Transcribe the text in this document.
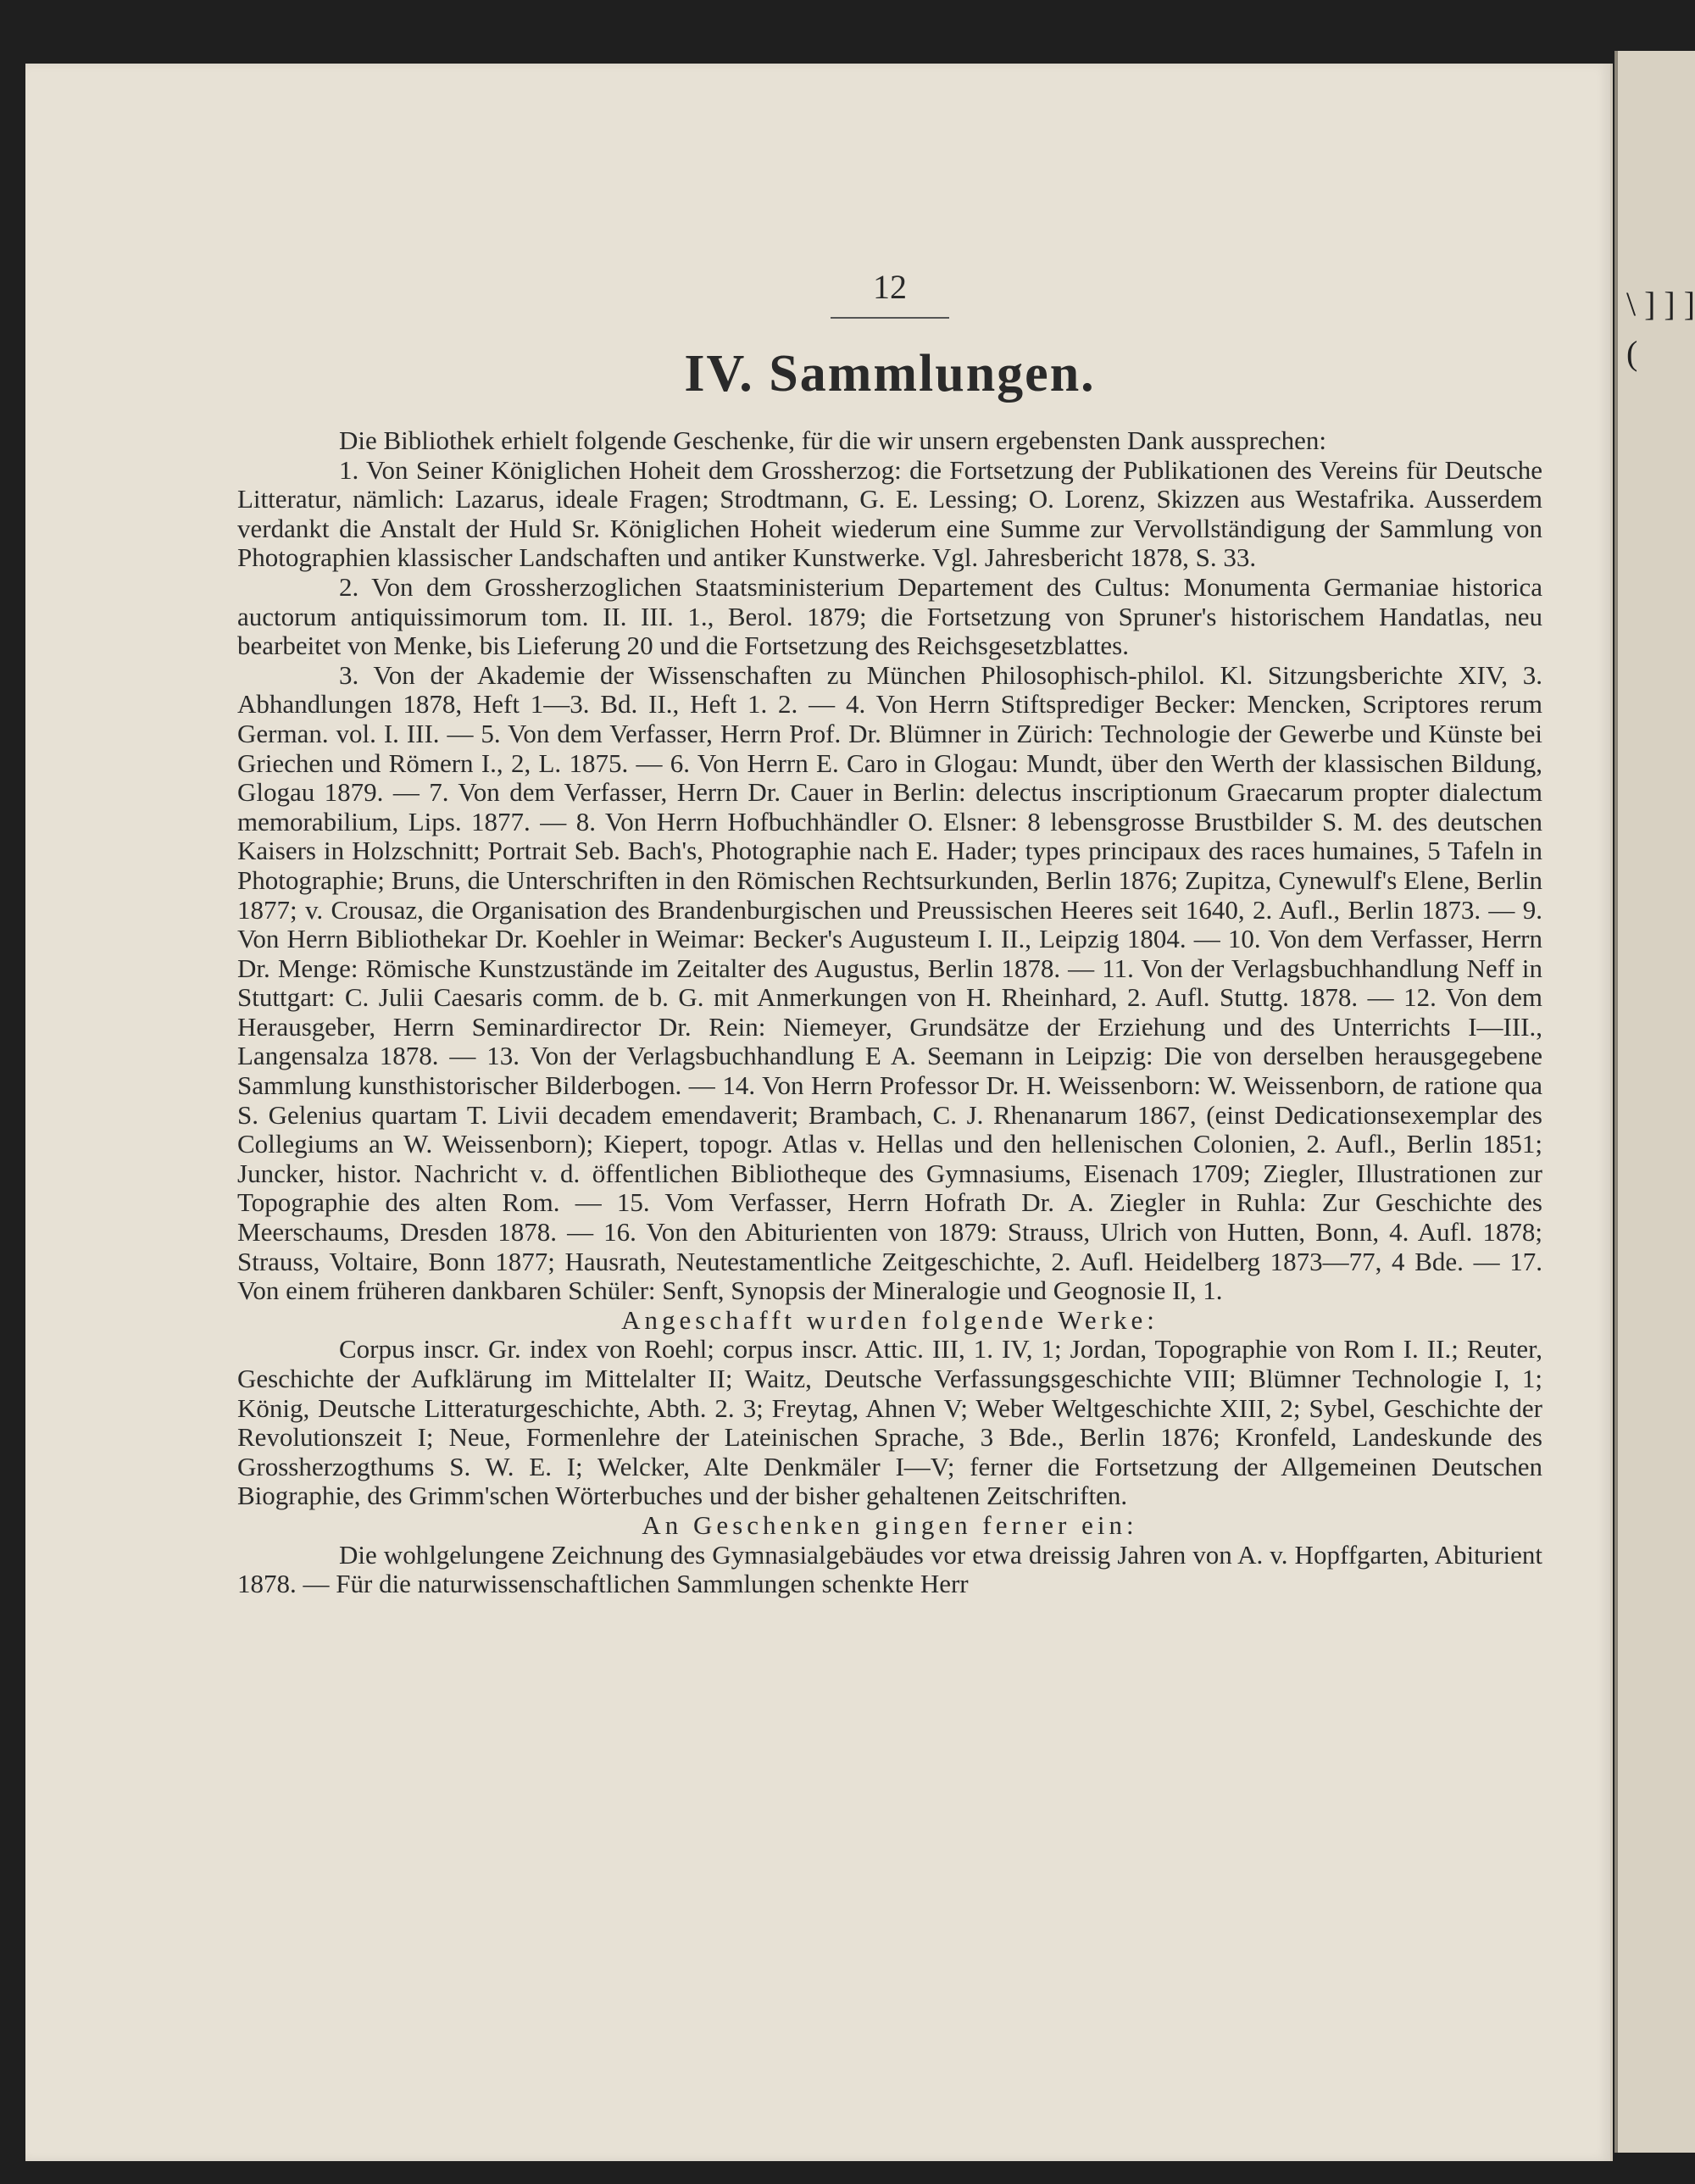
12
IV. Sammlungen.

Die Bibliothek erhielt folgende Geschenke, für die wir unsern ergebensten Dank aussprechen:

1. Von Seiner Königlichen Hoheit dem Grossherzog: die Fortsetzung der Publikationen des Vereins für Deutsche Litteratur, nämlich: Lazarus, ideale Fragen; Strodtmann, G. E. Lessing; O. Lorenz, Skizzen aus Westafrika. Ausserdem verdankt die Anstalt der Huld Sr. Königlichen Hoheit wiederum eine Summe zur Vervollständigung der Sammlung von Photographien klassischer Landschaften und antiker Kunstwerke. Vgl. Jahresbericht 1878, S. 33.

2. Von dem Grossherzoglichen Staatsministerium Departement des Cultus: Monumenta Germaniae historica auctorum antiquissimorum tom. II. III. 1., Berol. 1879; die Fortsetzung von Spruner's historischem Handatlas, neu bearbeitet von Menke, bis Lieferung 20 und die Fortsetzung des Reichsgesetzblattes.

3. Von der Akademie der Wissenschaften zu München Philosophisch-philol. Kl. Sitzungsberichte XIV, 3. Abhandlungen 1878, Heft 1—3. Bd. II., Heft 1. 2. — 4. Von Herrn Stiftsprediger Becker: Mencken, Scriptores rerum German. vol. I. III. — 5. Von dem Verfasser, Herrn Prof. Dr. Blümner in Zürich: Technologie der Gewerbe und Künste bei Griechen und Römern I., 2, L. 1875. — 6. Von Herrn E. Caro in Glogau: Mundt, über den Werth der klassischen Bildung, Glogau 1879. — 7. Von dem Verfasser, Herrn Dr. Cauer in Berlin: delectus inscriptionum Graecarum propter dialectum memorabilium, Lips. 1877. — 8. Von Herrn Hofbuchhändler O. Elsner: 8 lebensgrosse Brustbilder S. M. des deutschen Kaisers in Holzschnitt; Portrait Seb. Bach's, Photographie nach E. Hader; types principaux des races humaines, 5 Tafeln in Photographie; Bruns, die Unterschriften in den Römischen Rechtsurkunden, Berlin 1876; Zupitza, Cynewulf's Elene, Berlin 1877; v. Crousaz, die Organisation des Brandenburgischen und Preussischen Heeres seit 1640, 2. Aufl., Berlin 1873. — 9. Von Herrn Bibliothekar Dr. Koehler in Weimar: Becker's Augusteum I. II., Leipzig 1804. — 10. Von dem Verfasser, Herrn Dr. Menge: Römische Kunstzustände im Zeitalter des Augustus, Berlin 1878. — 11. Von der Verlagsbuchhandlung Neff in Stuttgart: C. Julii Caesaris comm. de b. G. mit Anmerkungen von H. Rheinhard, 2. Aufl. Stuttg. 1878. — 12. Von dem Herausgeber, Herrn Seminardirector Dr. Rein: Niemeyer, Grundsätze der Erziehung und des Unterrichts I—III., Langensalza 1878. — 13. Von der Verlagsbuchhandlung E A. Seemann in Leipzig: Die von derselben herausgegebene Sammlung kunsthistorischer Bilderbogen. — 14. Von Herrn Professor Dr. H. Weissenborn: W. Weissenborn, de ratione qua S. Gelenius quartam T. Livii decadem emendaverit; Brambach, C. J. Rhenanarum 1867, (einst Dedicationsexemplar des Collegiums an W. Weissenborn); Kiepert, topogr. Atlas v. Hellas und den hellenischen Colonien, 2. Aufl., Berlin 1851; Juncker, histor. Nachricht v. d. öffentlichen Bibliotheque des Gymnasiums, Eisenach 1709; Ziegler, Illustrationen zur Topographie des alten Rom. — 15. Vom Verfasser, Herrn Hofrath Dr. A. Ziegler in Ruhla: Zur Geschichte des Meerschaums, Dresden 1878. — 16. Von den Abiturienten von 1879: Strauss, Ulrich von Hutten, Bonn, 4. Aufl. 1878; Strauss, Voltaire, Bonn 1877; Hausrath, Neutestamentliche Zeitgeschichte, 2. Aufl. Heidelberg 1873—77, 4 Bde. — 17. Von einem früheren dankbaren Schüler: Senft, Synopsis der Mineralogie und Geognosie II, 1.

Angeschafft wurden folgende Werke:

Corpus inscr. Gr. index von Roehl; corpus inscr. Attic. III, 1. IV, 1; Jordan, Topographie von Rom I. II.; Reuter, Geschichte der Aufklärung im Mittelalter II; Waitz, Deutsche Verfassungsgeschichte VIII; Blümner Technologie I, 1; König, Deutsche Litteraturgeschichte, Abth. 2. 3; Freytag, Ahnen V; Weber Weltgeschichte XIII, 2; Sybel, Geschichte der Revolutionszeit I; Neue, Formenlehre der Lateinischen Sprache, 3 Bde., Berlin 1876; Kronfeld, Landeskunde des Grossherzogthums S. W. E. I; Welcker, Alte Denkmäler I—V; ferner die Fortsetzung der Allgemeinen Deutschen Biographie, des Grimm'schen Wörterbuches und der bisher gehaltenen Zeitschriften.

An Geschenken gingen ferner ein:

Die wohlgelungene Zeichnung des Gymnasialgebäudes vor etwa dreissig Jahren von A. v. Hopffgarten, Abiturient 1878. — Für die naturwissenschaftlichen Sammlungen schenkte Herr

\ ] ] ] (
